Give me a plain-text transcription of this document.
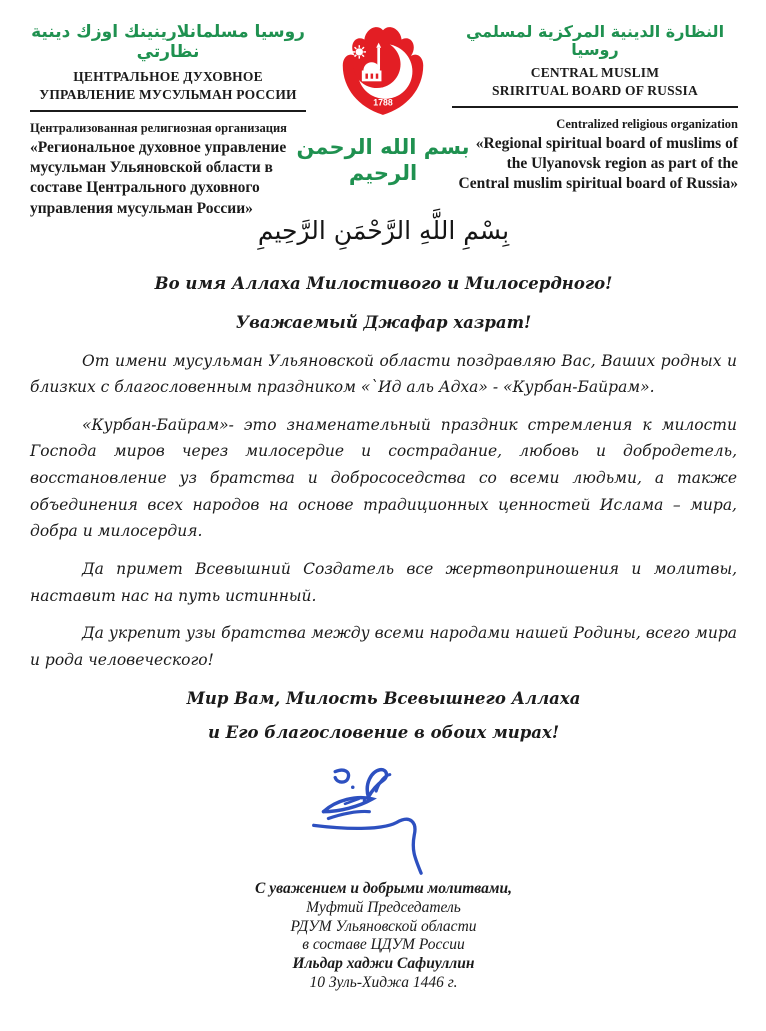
روسيا مسلمانلارينينك اوزك دينية نظارتي
ЦЕНТРАЛЬНОЕ ДУХОВНОЕ
УПРАВЛЕНИЕ МУСУЛЬМАН РОССИИ
Централизованная религиозная организация
«Региональное духовное управление мусульман Ульяновской области в составе Центрального духовного управления мусульман России»
1788
بسم الله الرحمن الرحيم
النظارة الدينية المركزية لمسلمي روسيا
CENTRAL MUSLIM
SRIRITUAL BOARD OF RUSSIA
Centralized religious organization
«Regional spiritual board of muslims of the Ulyanovsk region as part of the Central muslim spiritual board of Russia»
بِسْمِ اللَّهِ الرَّحْمَنِ الرَّحِيمِ
Во имя Аллаха Милостивого и Милосердного!
Уважаемый Джафар хазрат!

От имени мусульман Ульяновской области поздравляю Вас, Ваших родных и близких с благословенным праздником «`Ид аль Адха» - «Курбан-Байрам».

«Курбан-Байрам»- это знаменательный праздник стремления к милости Господа миров через милосердие и сострадание, любовь и добродетель, восстановление уз братства и добрососедства со всеми людьми, а также объединения всех народов на основе традиционных ценностей Ислама – мира, добра и милосердия.

Да примет Всевышний Создатель все жертвоприношения и молитвы, наставит нас на путь истинный.

Да укрепит узы братства между всеми народами нашей Родины, всего мира и рода человеческого!

Мир Вам, Милость Всевышнего Аллаха
и Его благословение в обоих мирах!
С уважением и добрыми молитвами,
Муфтий Председатель
РДУМ Ульяновской области
в составе ЦДУМ России
Ильдар хаджи Сафиуллин
10 Зуль-Хиджа 1446 г.
